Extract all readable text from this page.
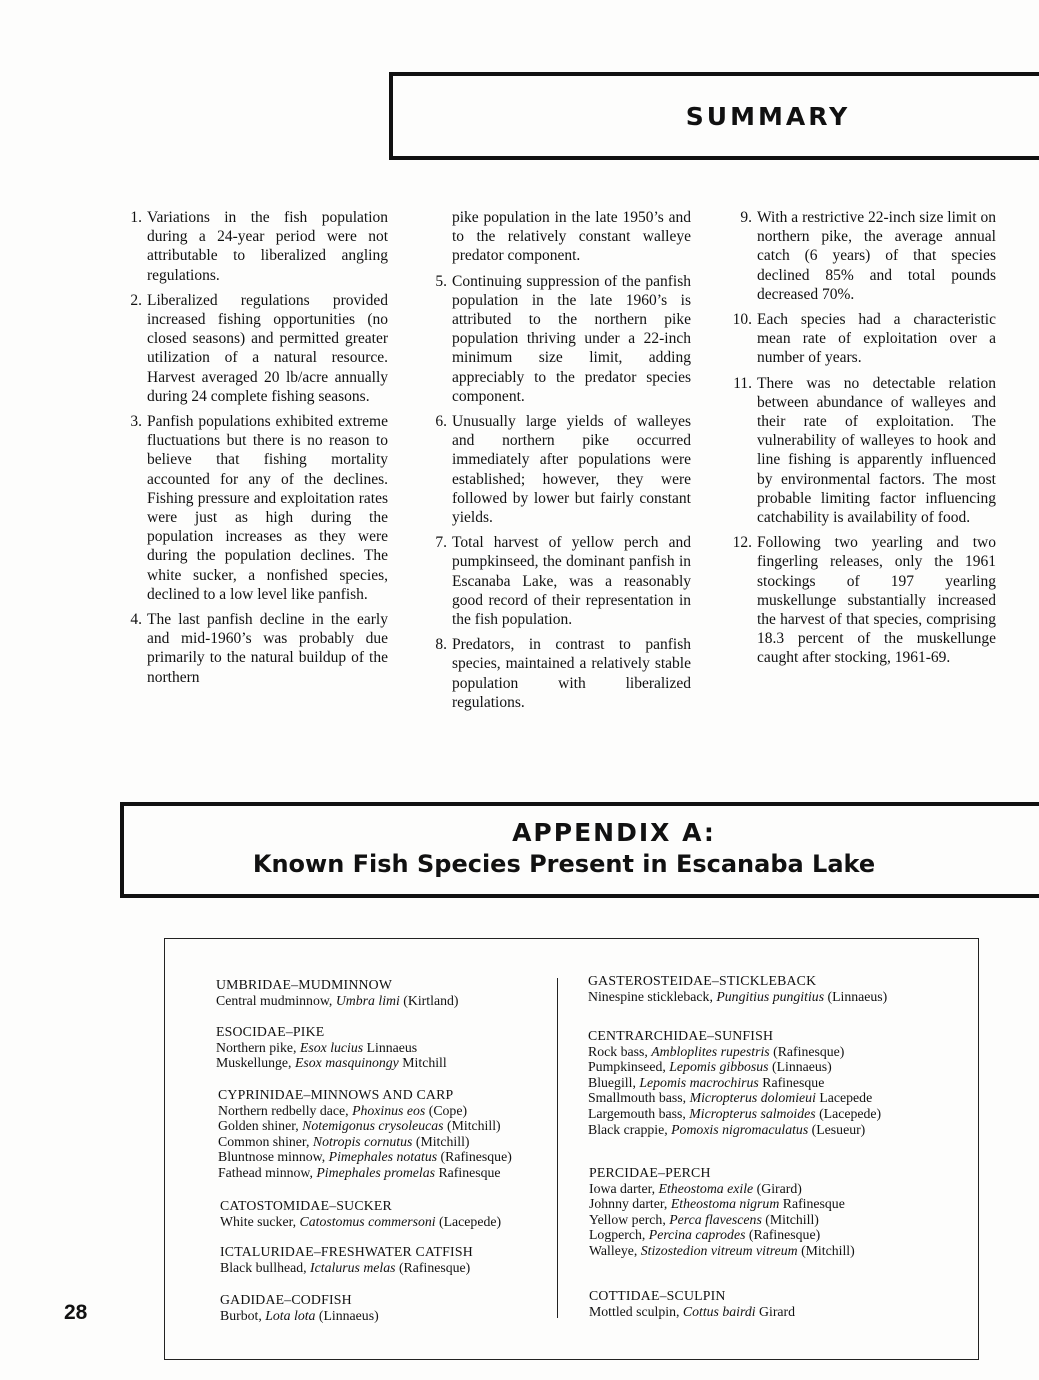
SUMMARY
1. Variations in the fish population during a 24-year period were not attributable to liberalized angling regulations.
2. Liberalized regulations provided increased fishing opportunities (no closed seasons) and permitted greater utilization of a natural resource. Harvest averaged 20 lb/acre annually during 24 complete fishing seasons.
3. Panfish populations exhibited extreme fluctuations but there is no reason to believe that fishing mortality accounted for any of the declines. Fishing pressure and exploitation rates were just as high during the population increases as they were during the population declines. The white sucker, a nonfished species, declined to a low level like panfish.
4. The last panfish decline in the early and mid-1960’s was probably due primarily to the natural buildup of the northern
pike population in the late 1950’s and to the relatively constant walleye predator component.
5. Continuing suppression of the panfish population in the late 1960’s is attributed to the northern pike population thriving under a 22-inch minimum size limit, adding appreciably to the predator species component.
6. Unusually large yields of walleyes and northern pike occurred immediately after populations were established; however, they were followed by lower but fairly constant yields.
7. Total harvest of yellow perch and pumpkinseed, the dominant panfish in Escanaba Lake, was a reasonably good record of their representation in the fish population.
8. Predators, in contrast to panfish species, maintained a relatively stable population with liberalized regulations.
9. With a restrictive 22-inch size limit on northern pike, the average annual catch (6 years) of that species declined 85% and total pounds decreased 70%.
10. Each species had a characteristic mean rate of exploitation over a number of years.
11. There was no detectable relation between abundance of walleyes and their rate of exploitation. The vulnerability of walleyes to hook and line fishing is apparently influenced by environmental factors. The most probable limiting factor influencing catchability is availability of food.
12. Following two yearling and two fingerling releases, only the 1961 stockings of 197 yearling muskellunge substantially increased the harvest of that species, comprising 18.3 percent of the muskellunge caught after stocking, 1961-69.
APPENDIX A:
Known Fish Species Present in Escanaba Lake
UMBRIDAE–MUDMINNOW
Central mudminnow, Umbra limi (Kirtland)
ESOCIDAE–PIKE
Northern pike, Esox lucius Linnaeus
Muskellunge, Esox masquinongy Mitchill
CYPRINIDAE–MINNOWS AND CARP
Northern redbelly dace, Phoxinus eos (Cope)
Golden shiner, Notemigonus crysoleucas (Mitchill)
Common shiner, Notropis cornutus (Mitchill)
Bluntnose minnow, Pimephales notatus (Rafinesque)
Fathead minnow, Pimephales promelas Rafinesque
CATOSTOMIDAE–SUCKER
White sucker, Catostomus commersoni (Lacepede)
ICTALURIDAE–FRESHWATER CATFISH
Black bullhead, Ictalurus melas (Rafinesque)
GADIDAE–CODFISH
Burbot, Lota lota (Linnaeus)
GASTEROSTEIDAE–STICKLEBACK
Ninespine stickleback, Pungitius pungitius (Linnaeus)
CENTRARCHIDAE–SUNFISH
Rock bass, Ambloplites rupestris (Rafinesque)
Pumpkinseed, Lepomis gibbosus (Linnaeus)
Bluegill, Lepomis macrochirus Rafinesque
Smallmouth bass, Micropterus dolomieui Lacepede
Largemouth bass, Micropterus salmoides (Lacepede)
Black crappie, Pomoxis nigromaculatus (Lesueur)
PERCIDAE–PERCH
Iowa darter, Etheostoma exile (Girard)
Johnny darter, Etheostoma nigrum Rafinesque
Yellow perch, Perca flavescens (Mitchill)
Logperch, Percina caprodes (Rafinesque)
Walleye, Stizostedion vitreum vitreum (Mitchill)
COTTIDAE–SCULPIN
Mottled sculpin, Cottus bairdi Girard
28
